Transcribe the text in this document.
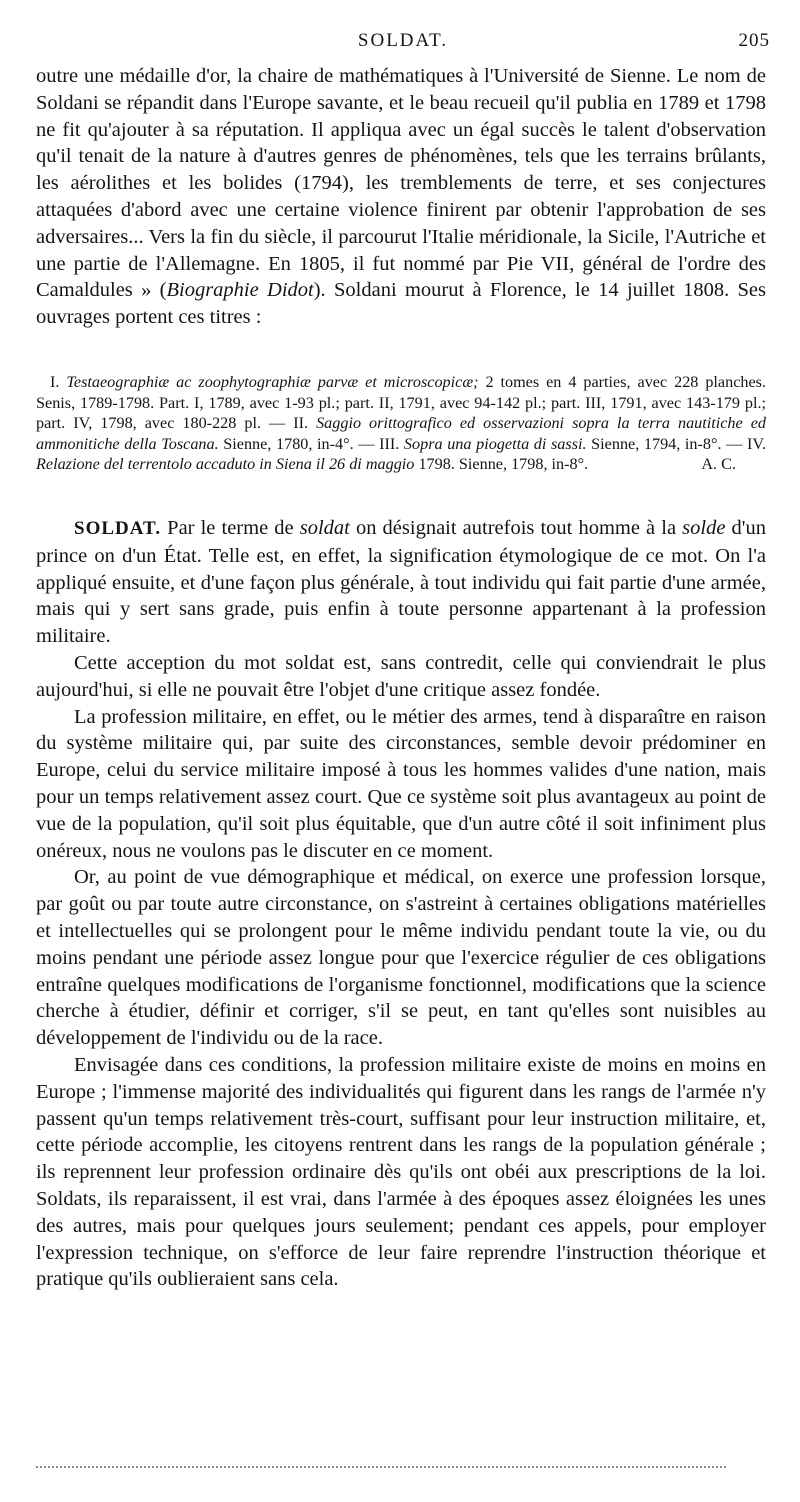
SOLDAT.	205

outre une médaille d'or, la chaire de mathématiques à l'Université de Sienne. Le nom de Soldani se répandit dans l'Europe savante, et le beau recueil qu'il publia en 1789 et 1798 ne fit qu'ajouter à sa réputation. Il appliqua avec un égal succès le talent d'observation qu'il tenait de la nature à d'autres genres de phénomènes, tels que les terrains brûlants, les aérolithes et les bolides (1794), les tremblements de terre, et ses conjectures attaquées d'abord avec une certaine violence finirent par obtenir l'approbation de ses adversaires... Vers la fin du siècle, il parcourut l'Italie méridionale, la Sicile, l'Autriche et une partie de l'Allemagne. En 1805, il fut nommé par Pie VII, général de l'ordre des Camaldules » (Biographie Didot). Soldani mourut à Florence, le 14 juillet 1808. Ses ouvrages portent ces titres :

I. Testaeographiæ ac zoophytographiæ parvæ et microscopicæ; 2 tomes en 4 parties, avec 228 planches. Senis, 1789-1798. Part. I, 1789, avec 1-93 pl.; part. II, 1791, avec 94-142 pl.; part. III, 1791, avec 143-179 pl.; part. IV, 1798, avec 180-228 pl. — II. Saggio orittografico ed osservazioni sopra la terra nautitiche ed ammonitiche della Toscana. Sienne, 1780, in-4°. — III. Sopra una piogetta di sassi. Sienne, 1794, in-8°. — IV. Relazione del terrentolo accaduto in Siena il 26 di maggio 1798. Sienne, 1798, in-8°.	A. C.

SOLDAT. Par le terme de soldat on désignait autrefois tout homme à la solde d'un prince on d'un État. Telle est, en effet, la signification étymologique de ce mot. On l'a appliqué ensuite, et d'une façon plus générale, à tout individu qui fait partie d'une armée, mais qui y sert sans grade, puis enfin à toute personne appartenant à la profession militaire.

Cette acception du mot soldat est, sans contredit, celle qui conviendrait le plus aujourd'hui, si elle ne pouvait être l'objet d'une critique assez fondée.

La profession militaire, en effet, ou le métier des armes, tend à disparaître en raison du système militaire qui, par suite des circonstances, semble devoir prédominer en Europe, celui du service militaire imposé à tous les hommes valides d'une nation, mais pour un temps relativement assez court. Que ce système soit plus avantageux au point de vue de la population, qu'il soit plus équitable, que d'un autre côté il soit infiniment plus onéreux, nous ne voulons pas le discuter en ce moment.

Or, au point de vue démographique et médical, on exerce une profession lorsque, par goût ou par toute autre circonstance, on s'astreint à certaines obligations matérielles et intellectuelles qui se prolongent pour le même individu pendant toute la vie, ou du moins pendant une période assez longue pour que l'exercice régulier de ces obligations entraîne quelques modifications de l'organisme fonctionnel, modifications que la science cherche à étudier, définir et corriger, s'il se peut, en tant qu'elles sont nuisibles au développement de l'individu ou de la race.

Envisagée dans ces conditions, la profession militaire existe de moins en moins en Europe ; l'immense majorité des individualités qui figurent dans les rangs de l'armée n'y passent qu'un temps relativement très-court, suffisant pour leur instruction militaire, et, cette période accomplie, les citoyens rentrent dans les rangs de la population générale ; ils reprennent leur profession ordinaire dès qu'ils ont obéi aux prescriptions de la loi. Soldats, ils reparaissent, il est vrai, dans l'armée à des époques assez éloignées les unes des autres, mais pour quelques jours seulement; pendant ces appels, pour employer l'expression technique, on s'efforce de leur faire reprendre l'instruction théorique et pratique qu'ils oublieraient sans cela.
